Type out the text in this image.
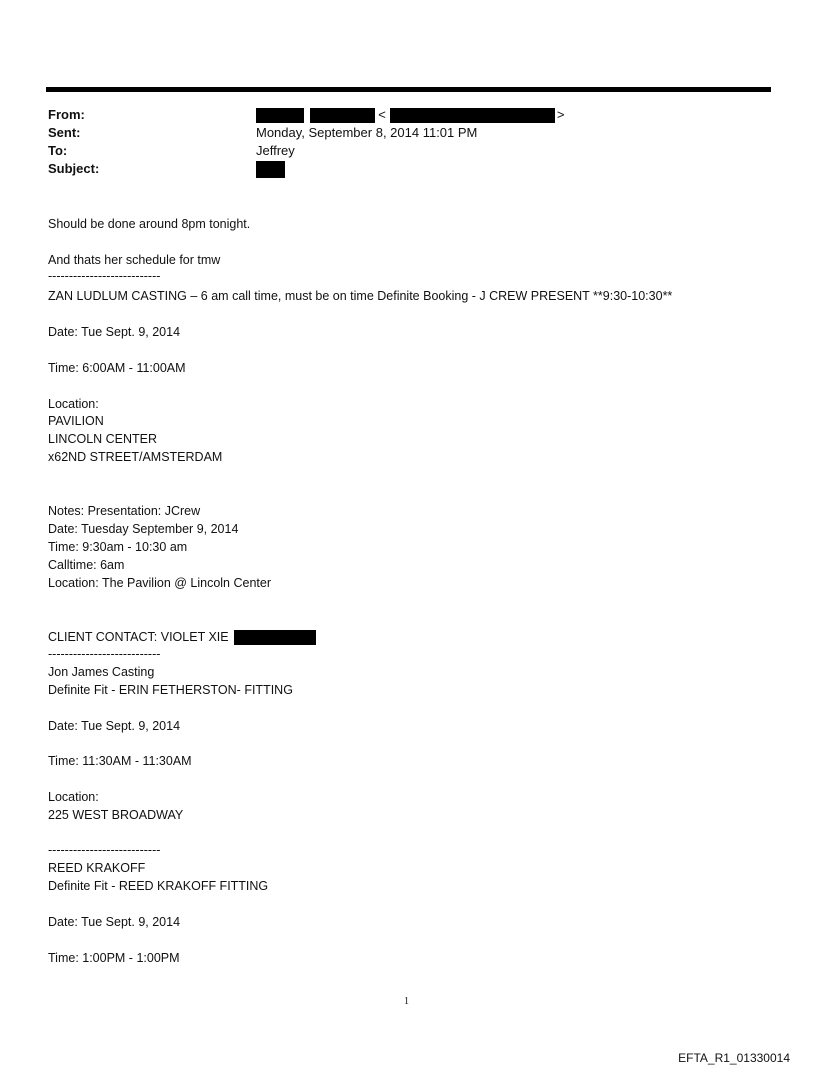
From:
Sent:
To:
Subject:
<	>
Monday, September 8, 2014 11:01 PM
Jeffrey
Should be done around 8pm tonight.
And thats her schedule for tmw
---------------------------
ZAN LUDLUM CASTING – 6 am call time, must be on time Definite Booking - J CREW PRESENT **9:30-10:30**
Date: Tue Sept. 9, 2014
Time: 6:00AM - 11:00AM
Location:
PAVILION
LINCOLN CENTER
x62ND STREET/AMSTERDAM
Notes: Presentation: JCrew
Date: Tuesday September 9, 2014
Time: 9:30am - 10:30 am
Calltime: 6am
Location: The Pavilion @ Lincoln Center
CLIENT CONTACT: VIOLET XIE
---------------------------
Jon James Casting
Definite Fit - ERIN FETHERSTON- FITTING
Date: Tue Sept. 9, 2014
Time: 11:30AM - 11:30AM
Location:
225 WEST BROADWAY
---------------------------
REED KRAKOFF
Definite Fit - REED KRAKOFF FITTING
Date: Tue Sept. 9, 2014
Time: 1:00PM - 1:00PM
1
EFTA_R1_01330014
